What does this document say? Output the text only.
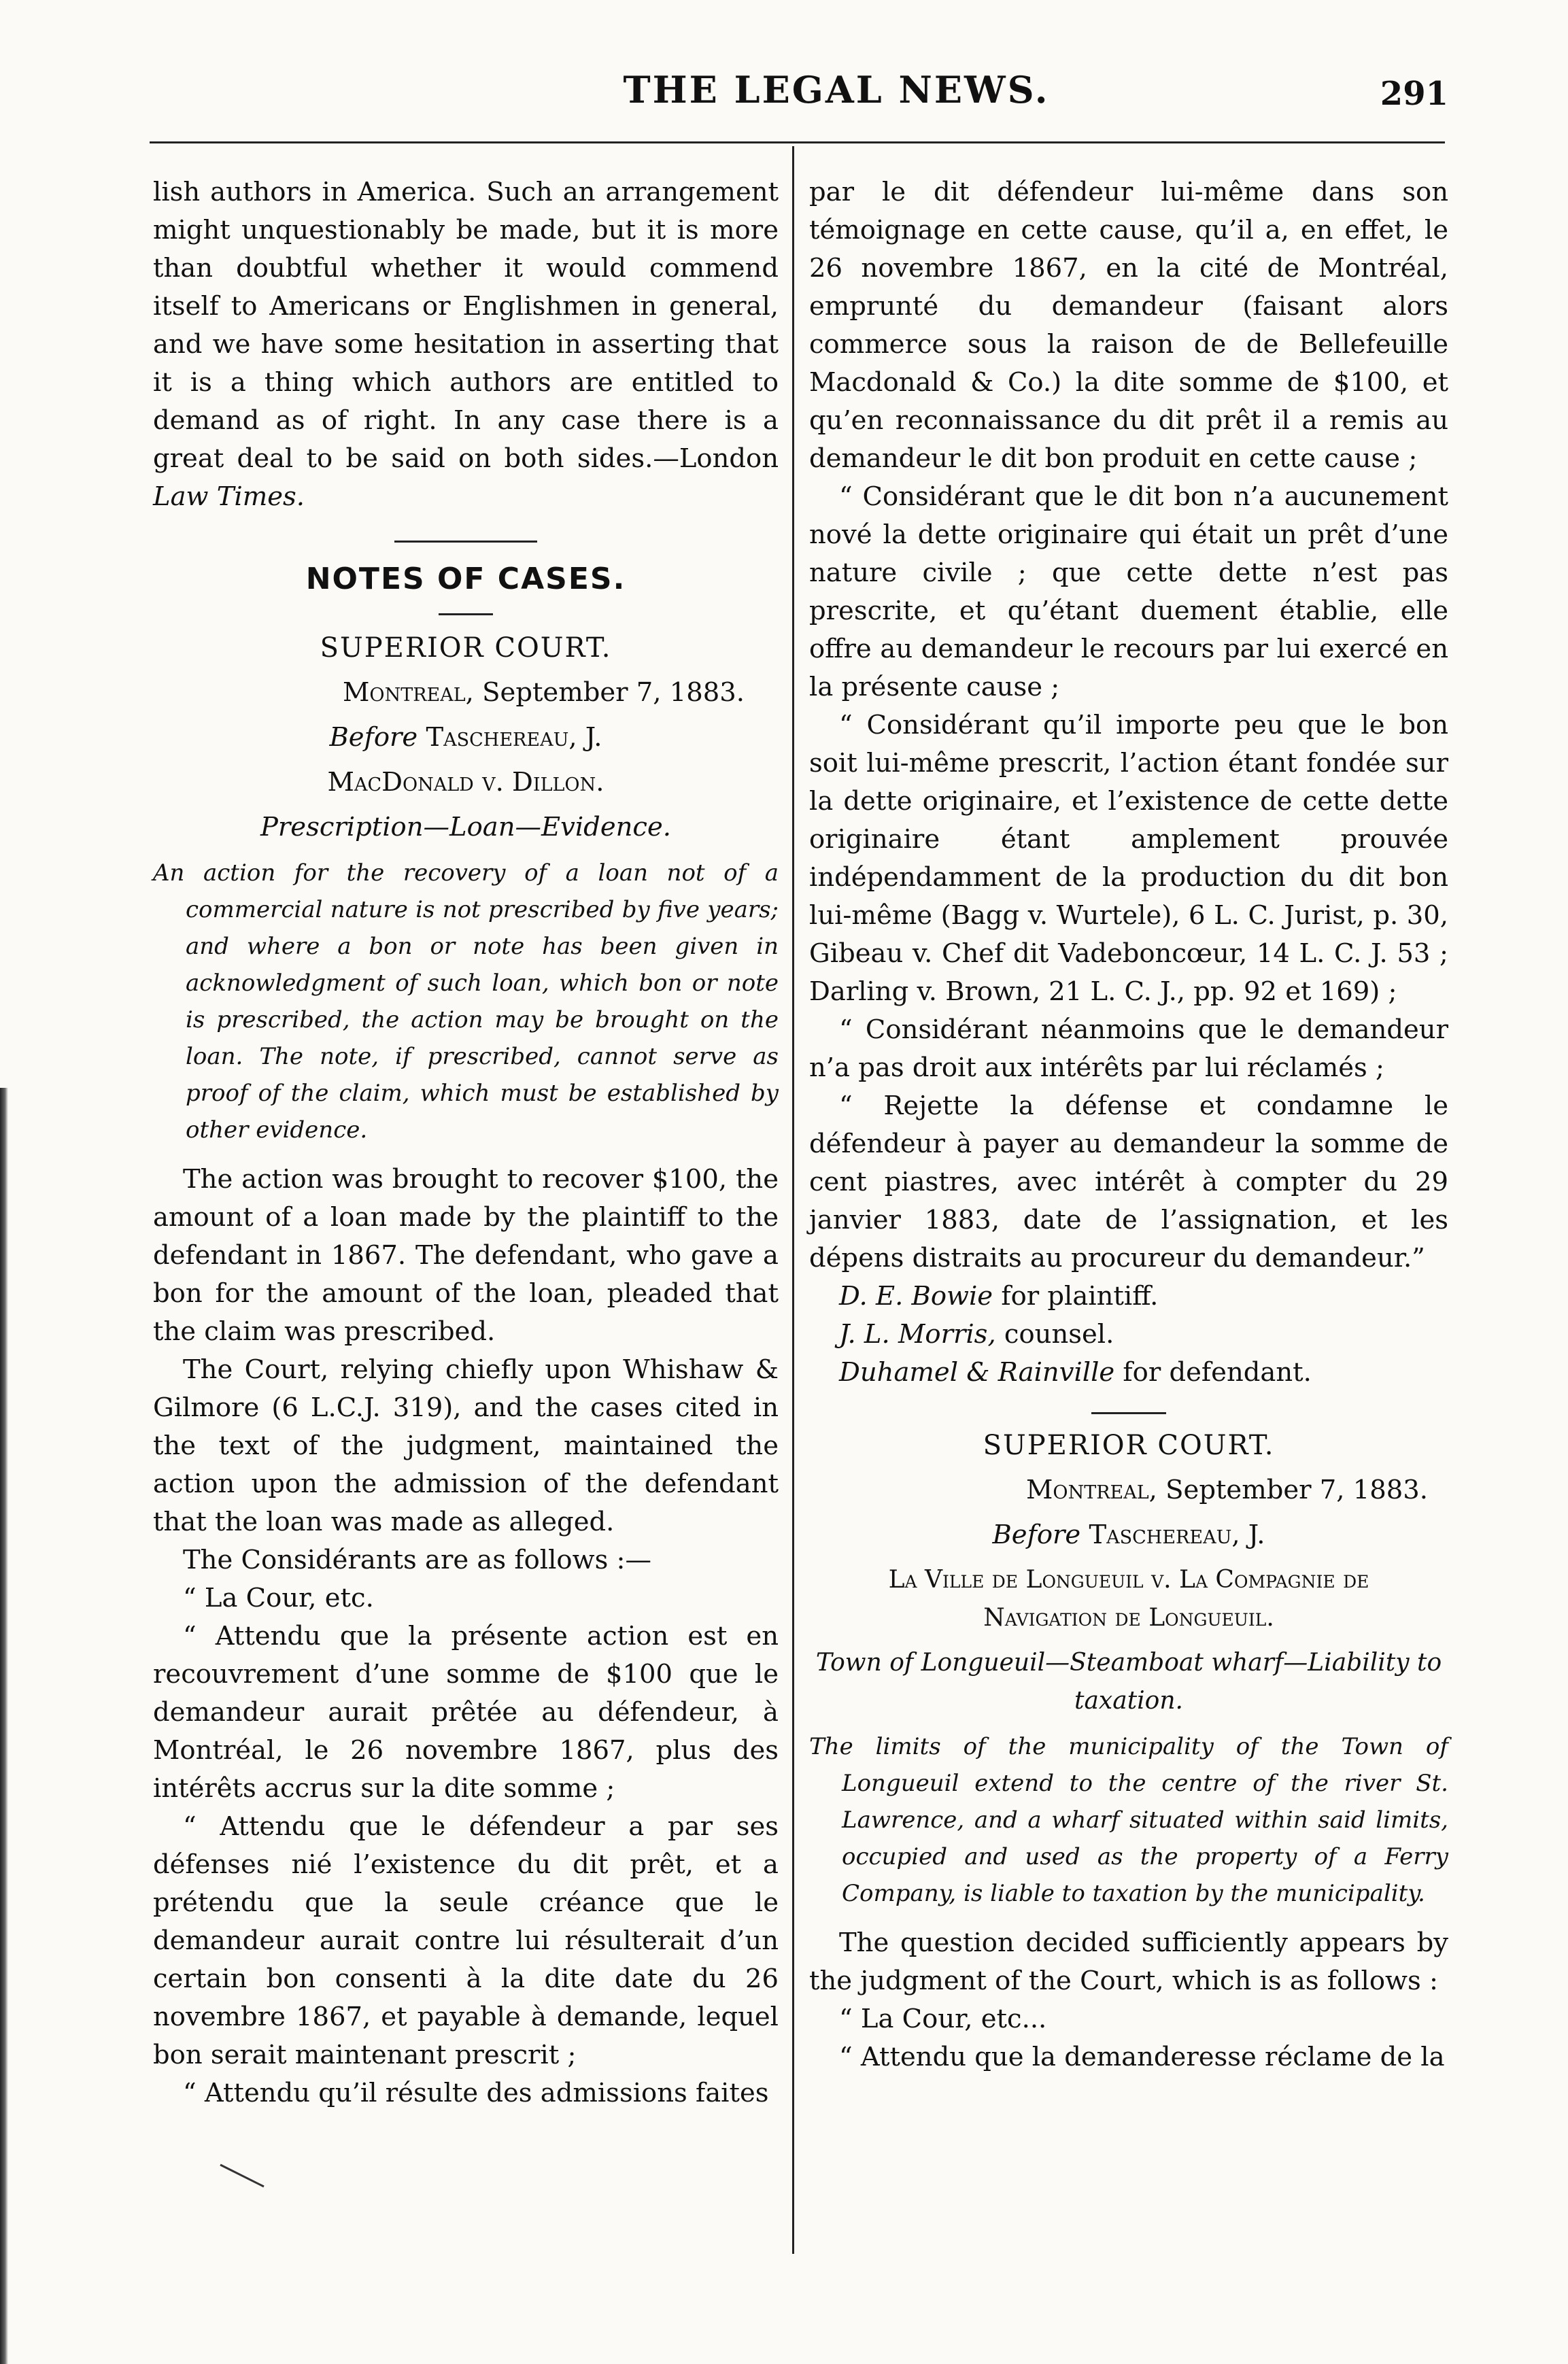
THE LEGAL NEWS.	291

lish authors in America. Such an arrangement might unquestionably be made, but it is more than doubtful whether it would commend itself to Americans or Englishmen in general, and we have some hesitation in asserting that it is a thing which authors are entitled to demand as of right. In any case there is a great deal to be said on both sides.—London Law Times.

NOTES OF CASES.
SUPERIOR COURT.
Montreal, September 7, 1883.
Before Taschereau, J.
MacDonald v. Dillon.
Prescription—Loan—Evidence.

An action for the recovery of a loan not of a commercial nature is not prescribed by five years; and where a bon or note has been given in acknowledgment of such loan, which bon or note is prescribed, the action may be brought on the loan. The note, if prescribed, cannot serve as proof of the claim, which must be established by other evidence.

The action was brought to recover $100, the amount of a loan made by the plaintiff to the defendant in 1867. The defendant, who gave a bon for the amount of the loan, pleaded that the claim was prescribed.

The Court, relying chiefly upon Whishaw & Gilmore (6 L.C.J. 319), and the cases cited in the text of the judgment, maintained the action upon the admission of the defendant that the loan was made as alleged.

The Considérants are as follows :—

“ La Cour, etc.

“ Attendu que la présente action est en recouvrement d’une somme de $100 que le demandeur aurait prêtée au défendeur, à Montréal, le 26 novembre 1867, plus des intérêts accrus sur la dite somme ;

“ Attendu que le défendeur a par ses défenses nié l’existence du dit prêt, et a prétendu que la seule créance que le demandeur aurait contre lui résulterait d’un certain bon consenti à la dite date du 26 novembre 1867, et payable à demande, lequel bon serait maintenant prescrit ;

“ Attendu qu’il résulte des admissions faites

par le dit défendeur lui-même dans son témoignage en cette cause, qu’il a, en effet, le 26 novembre 1867, en la cité de Montréal, emprunté du demandeur (faisant alors commerce sous la raison de de Bellefeuille Macdonald & Co.) la dite somme de $100, et qu’en reconnaissance du dit prêt il a remis au demandeur le dit bon produit en cette cause ;

“ Considérant que le dit bon n’a aucunement nové la dette originaire qui était un prêt d’une nature civile ; que cette dette n’est pas prescrite, et qu’étant duement établie, elle offre au demandeur le recours par lui exercé en la présente cause ;

“ Considérant qu’il importe peu que le bon soit lui-même prescrit, l’action étant fondée sur la dette originaire, et l’existence de cette dette originaire étant amplement prouvée indépendamment de la production du dit bon lui-même (Bagg v. Wurtele), 6 L. C. Jurist, p. 30, Gibeau v. Chef dit Vadeboncœur, 14 L. C. J. 53 ; Darling v. Brown, 21 L. C. J., pp. 92 et 169) ;

“ Considérant néanmoins que le demandeur n’a pas droit aux intérêts par lui réclamés ;

“ Rejette la défense et condamne le défendeur à payer au demandeur la somme de cent piastres, avec intérêt à compter du 29 janvier 1883, date de l’assignation, et les dépens distraits au procureur du demandeur.”

D. E. Bowie for plaintiff.
J. L. Morris, counsel.
Duhamel & Rainville for defendant.
SUPERIOR COURT.
Montreal, September 7, 1883.
Before Taschereau, J.
La Ville de Longueuil v. La Compagnie de
Navigation de Longueuil.
Town of Longueuil—Steamboat wharf—Liability to taxation.

The limits of the municipality of the Town of Longueuil extend to the centre of the river St. Lawrence, and a wharf situated within said limits, occupied and used as the property of a Ferry Company, is liable to taxation by the municipality.

The question decided sufficiently appears by the judgment of the Court, which is as follows :

“ La Cour, etc...

“ Attendu que la demanderesse réclame de la
